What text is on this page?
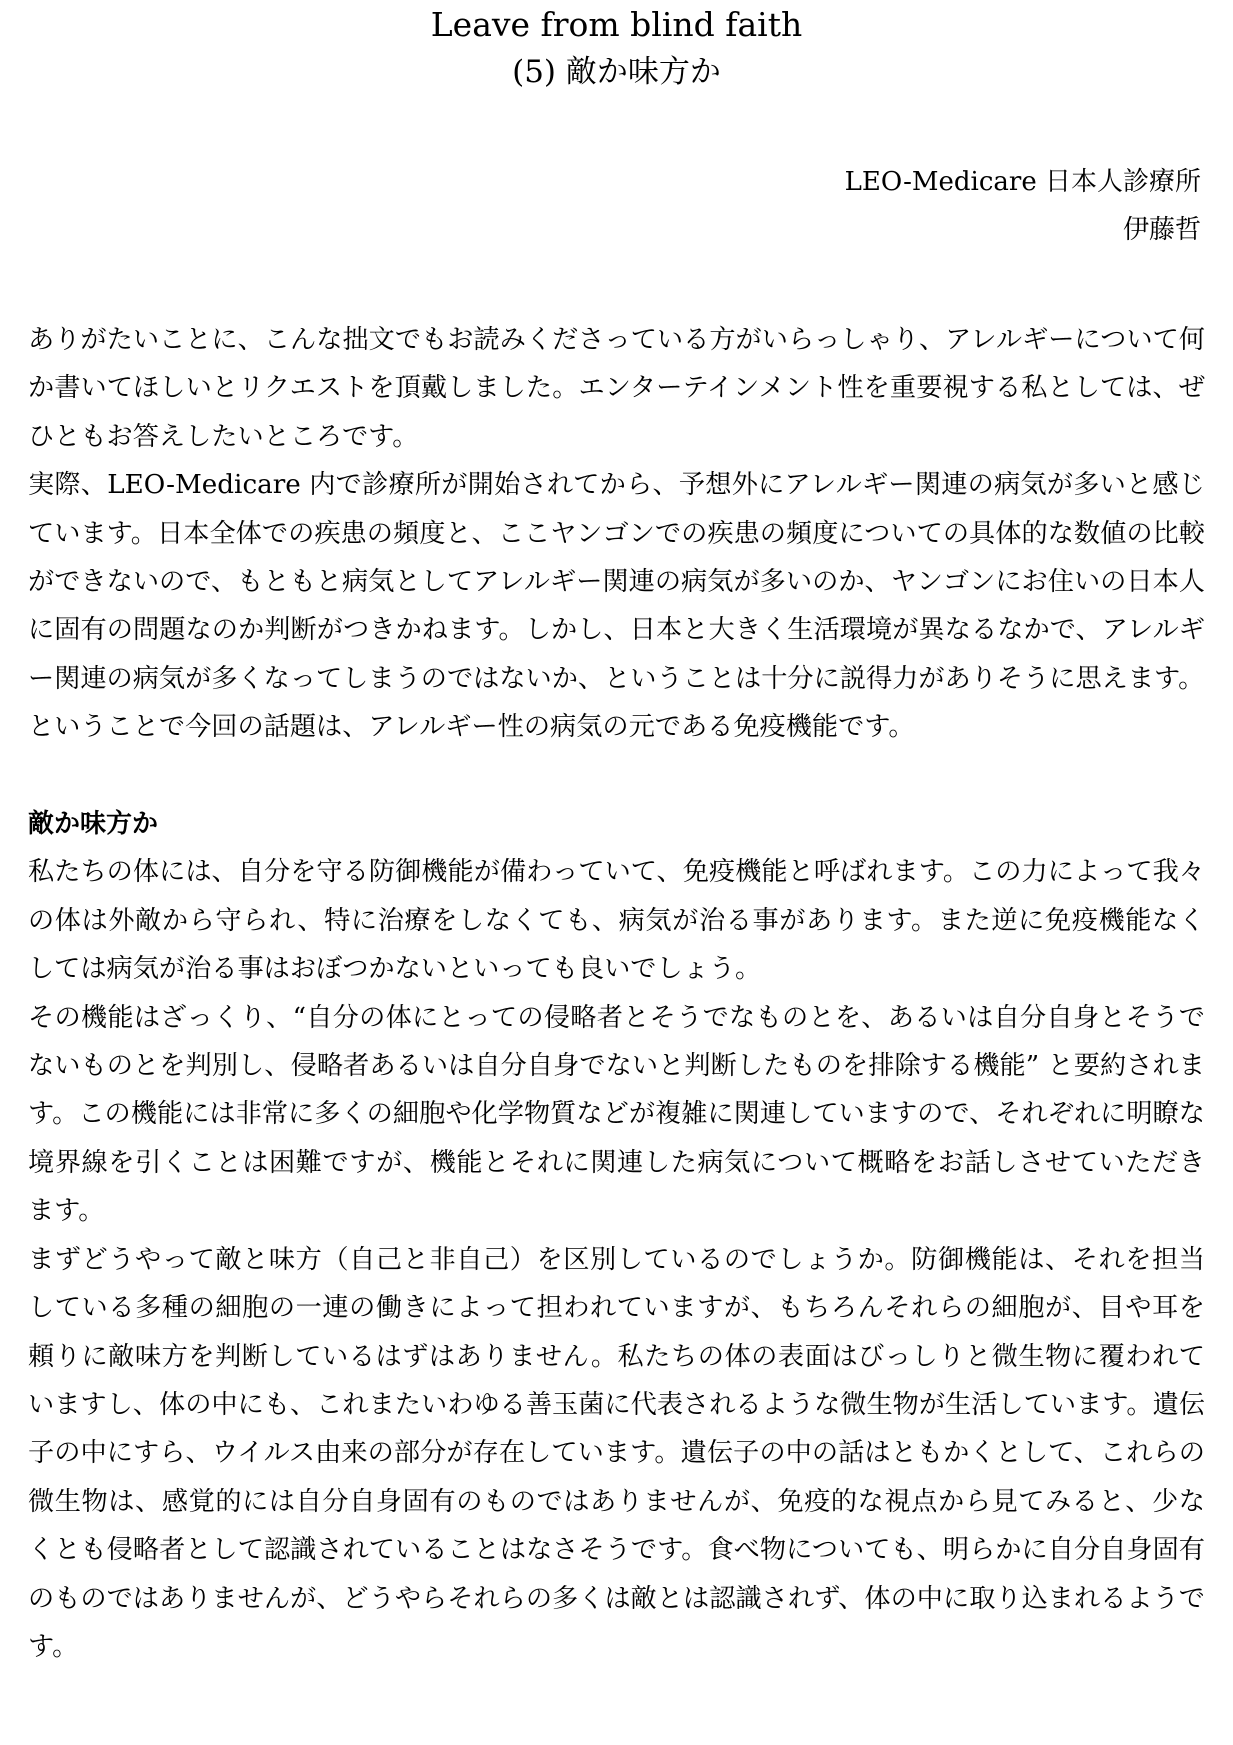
Leave from blind faith
(5) 敵か味方か
LEO-Medicare 日本人診療所
伊藤哲

ありがたいことに、こんな拙文でもお読みくださっている方がいらっしゃり、アレルギーについて何か書いてほしいとリクエストを頂戴しました。エンターテインメント性を重要視する私としては、ぜひともお答えしたいところです。

実際、LEO-Medicare 内で診療所が開始されてから、予想外にアレルギー関連の病気が多いと感じています。日本全体での疾患の頻度と、ここヤンゴンでの疾患の頻度についての具体的な数値の比較ができないので、もともと病気としてアレルギー関連の病気が多いのか、ヤンゴンにお住いの日本人に固有の問題なのか判断がつきかねます。しかし、日本と大きく生活環境が異なるなかで、アレルギー関連の病気が多くなってしまうのではないか、ということは十分に説得力がありそうに思えます。

ということで今回の話題は、アレルギー性の病気の元である免疫機能です。

敵か味方か

私たちの体には、自分を守る防御機能が備わっていて、免疫機能と呼ばれます。この力によって我々の体は外敵から守られ、特に治療をしなくても、病気が治る事があります。また逆に免疫機能なくしては病気が治る事はおぼつかないといっても良いでしょう。

その機能はざっくり、“自分の体にとっての侵略者とそうでなものとを、あるいは自分自身とそうでないものとを判別し、侵略者あるいは自分自身でないと判断したものを排除する機能” と要約されます。この機能には非常に多くの細胞や化学物質などが複雑に関連していますので、それぞれに明瞭な境界線を引くことは困難ですが、機能とそれに関連した病気について概略をお話しさせていただきます。

まずどうやって敵と味方（自己と非自己）を区別しているのでしょうか。防御機能は、それを担当している多種の細胞の一連の働きによって担われていますが、もちろんそれらの細胞が、目や耳を頼りに敵味方を判断しているはずはありません。私たちの体の表面はびっしりと微生物に覆われていますし、体の中にも、これまたいわゆる善玉菌に代表されるような微生物が生活しています。遺伝子の中にすら、ウイルス由来の部分が存在しています。遺伝子の中の話はともかくとして、これらの微生物は、感覚的には自分自身固有のものではありませんが、免疫的な視点から見てみると、少なくとも侵略者として認識されていることはなさそうです。食べ物についても、明らかに自分自身固有のものではありませんが、どうやらそれらの多くは敵とは認識されず、体の中に取り込まれるようです。
